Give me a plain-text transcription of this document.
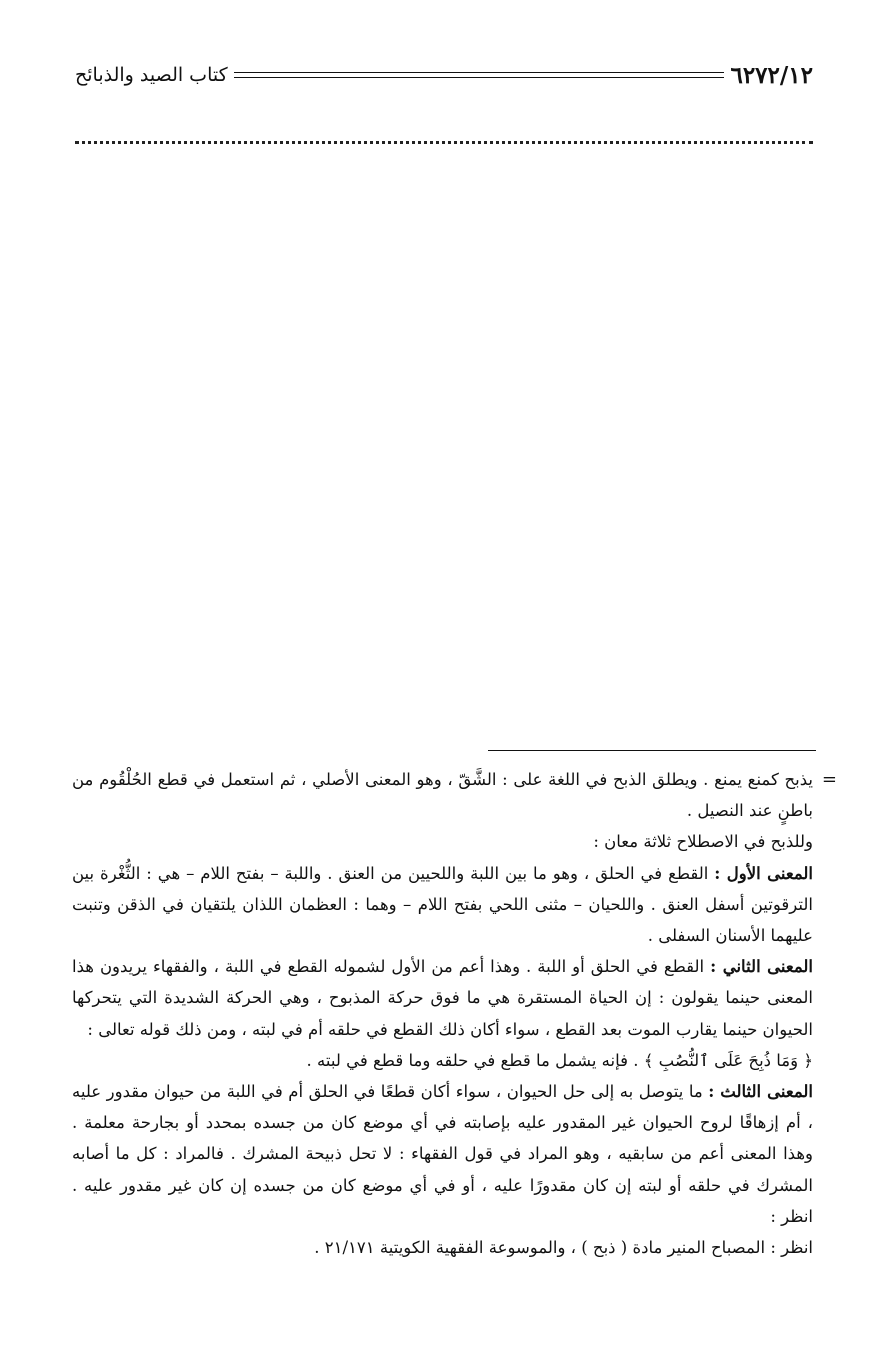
٦٢٧٢/١٢
كتاب الصيد والذبائح
=

يذبح كمنع يمنع . ويطلق الذبح في اللغة على : الشَّقّ ، وهو المعنى الأصلي ، ثم استعمل في قطع الحُلْقُوم من باطنٍ عند النصيل .

وللذبح في الاصطلاح ثلاثة معان :

المعنى الأول : القطع في الحلق ، وهو ما بين اللبة واللحيين من العنق . واللبة – بفتح اللام – هي : الثُّغْرة بين الترقوتين أسفل العنق . واللحيان – مثنى اللحي بفتح اللام – وهما : العظمان اللذان يلتقيان في الذقن وتنبت عليهما الأسنان السفلى .

المعنى الثاني : القطع في الحلق أو اللبة . وهذا أعم من الأول لشموله القطع في اللبة ، والفقهاء يريدون هذا المعنى حينما يقولون : إن الحياة المستقرة هي ما فوق حركة المذبوح ، وهي الحركة الشديدة التي يتحركها الحيوان حينما يقارب الموت بعد القطع ، سواء أكان ذلك القطع في حلقه أم في لبته ، ومن ذلك قوله تعالى :

﴿ وَمَا ذُبِحَ عَلَى ٱلنُّصُبِ ﴾ . فإنه يشمل ما قطع في حلقه وما قطع في لبته .

المعنى الثالث : ما يتوصل به إلى حل الحيوان ، سواء أكان قطعًا في الحلق أم في اللبة من حيوان مقدور عليه ، أم إزهاقًا لروح الحيوان غير المقدور عليه بإصابته في أي موضع كان من جسده بمحدد أو بجارحة معلمة . وهذا المعنى أعم من سابقيه ، وهو المراد في قول الفقهاء : لا تحل ذبيحة المشرك . فالمراد : كل ما أصابه المشرك في حلقه أو لبته إن كان مقدورًا عليه ، أو في أي موضع كان من جسده إن كان غير مقدور عليه . انظر :

انظر : المصباح المنير مادة ( ذبح ) ، والموسوعة الفقهية الكويتية ٢١/١٧١ .
